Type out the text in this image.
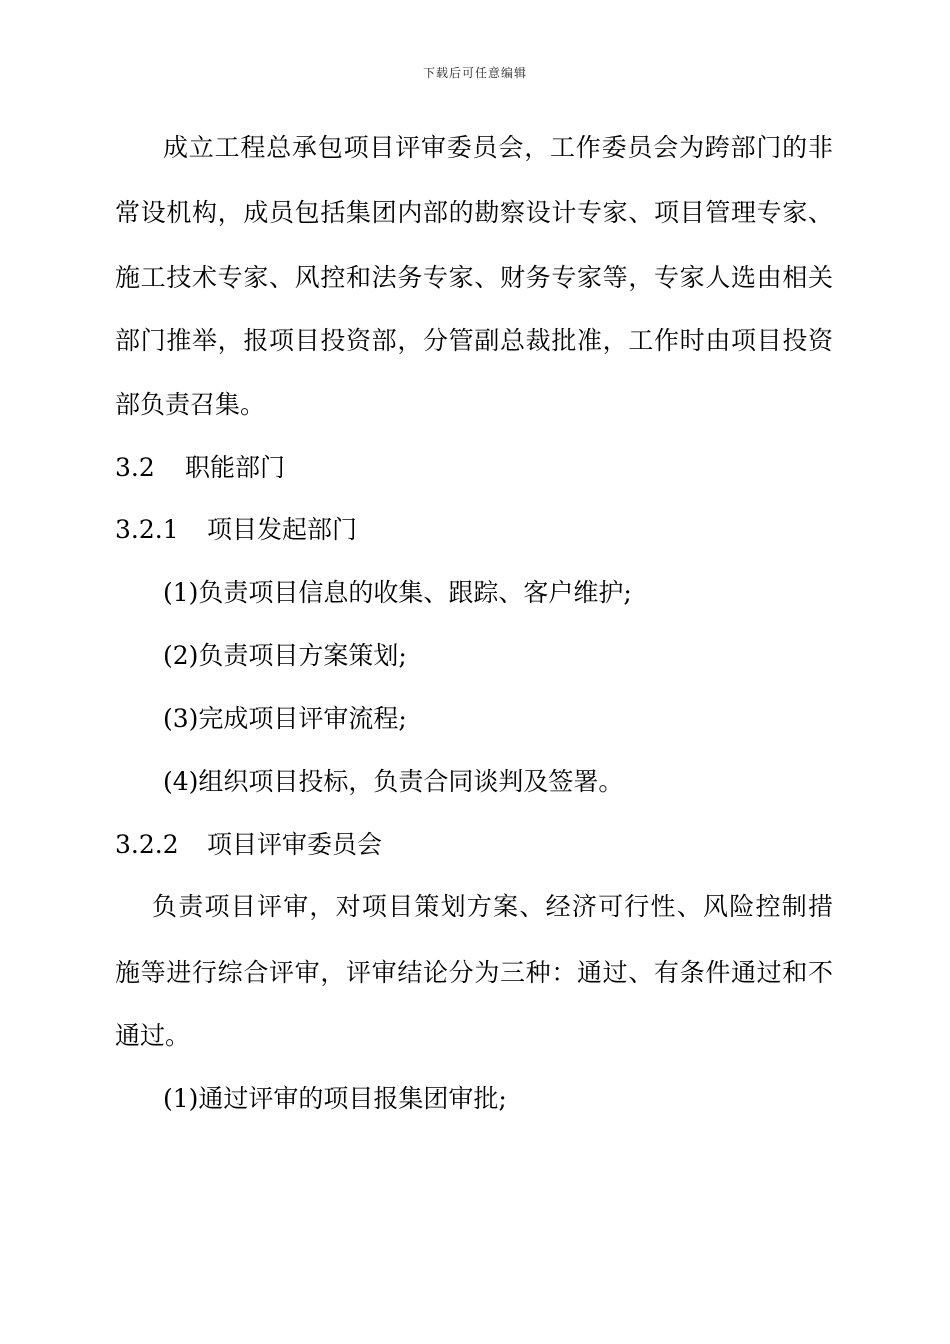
下载后可任意编辑
成立工程总承包项目评审委员会，工作委员会为跨部门的非
常设机构，成员包括集团内部的勘察设计专家、项目管理专家、
施工技术专家、风控和法务专家、财务专家等，专家人选由相关
部门推举，报项目投资部，分管副总裁批准，工作时由项目投资
部负责召集。
3.2 职能部门
3.2.1 项目发起部门
(1)负责项目信息的收集、跟踪、客户维护;
(2)负责项目方案策划;
(3)完成项目评审流程;
(4)组织项目投标，负责合同谈判及签署。
3.2.2 项目评审委员会
负责项目评审，对项目策划方案、经济可行性、风险控制措
施等进行综合评审，评审结论分为三种：通过、有条件通过和不
通过。
(1)通过评审的项目报集团审批;
